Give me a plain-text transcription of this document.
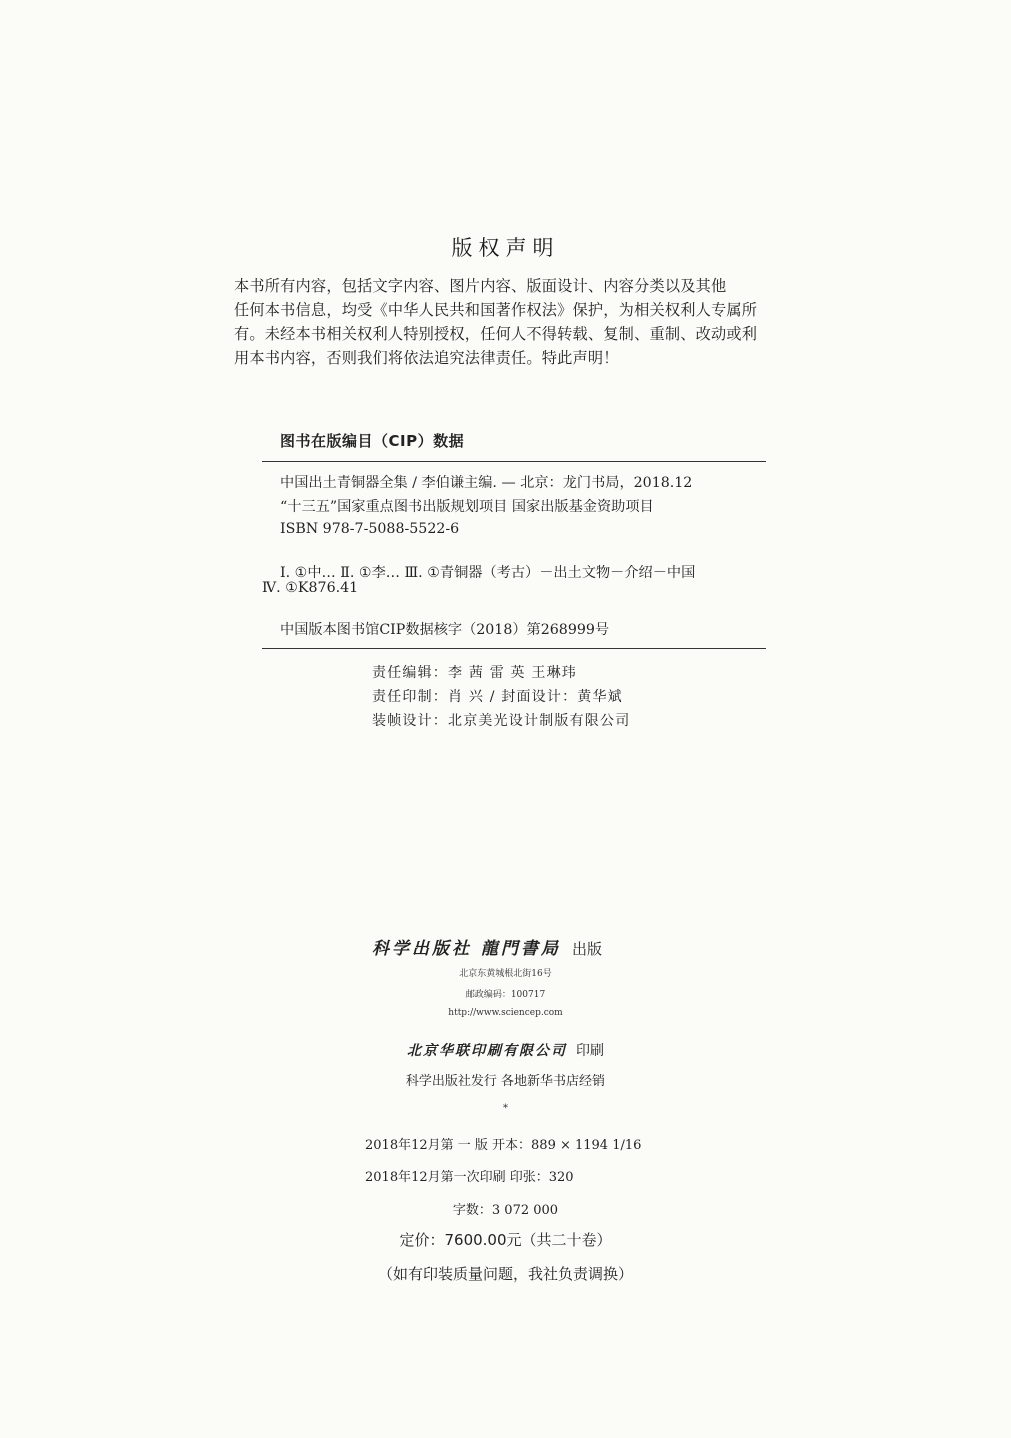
版权声明

本书所有内容，包括文字内容、图片内容、版面设计、内容分类以及其他

任何本书信息，均受《中华人民共和国著作权法》保护，为相关权利人专属所

有。未经本书相关权利人特别授权，任何人不得转载、复制、重制、改动或利

用本书内容，否则我们将依法追究法律责任。特此声明！

图书在版编目（CIP）数据
中国出土青铜器全集 / 李伯谦主编. — 北京：龙门书局，2018.12
“十三五”国家重点图书出版规划项目 国家出版基金资助项目
ISBN 978-7-5088-5522-6
Ⅰ. ①中… Ⅱ. ①李… Ⅲ. ①青铜器（考古）－出土文物－介绍－中国
Ⅳ. ①K876.41
中国版本图书馆CIP数据核字（2018）第268999号
责任编辑：李 茜 雷 英 王琳玮
责任印制：肖 兴 / 封面设计：黄华斌
装帧设计：北京美光设计制版有限公司
科学出版社 龍門書局 出版
北京东黄城根北街16号
邮政编码：100717
http://www.sciencep.com
北京华联印刷有限公司 印刷
科学出版社发行 各地新华书店经销
*
2018年12月第 一 版 开本：889 × 1194 1/16
2018年12月第一次印刷 印张：320
字数：3 072 000
定价：7600.00元（共二十卷）
（如有印装质量问题，我社负责调换）
